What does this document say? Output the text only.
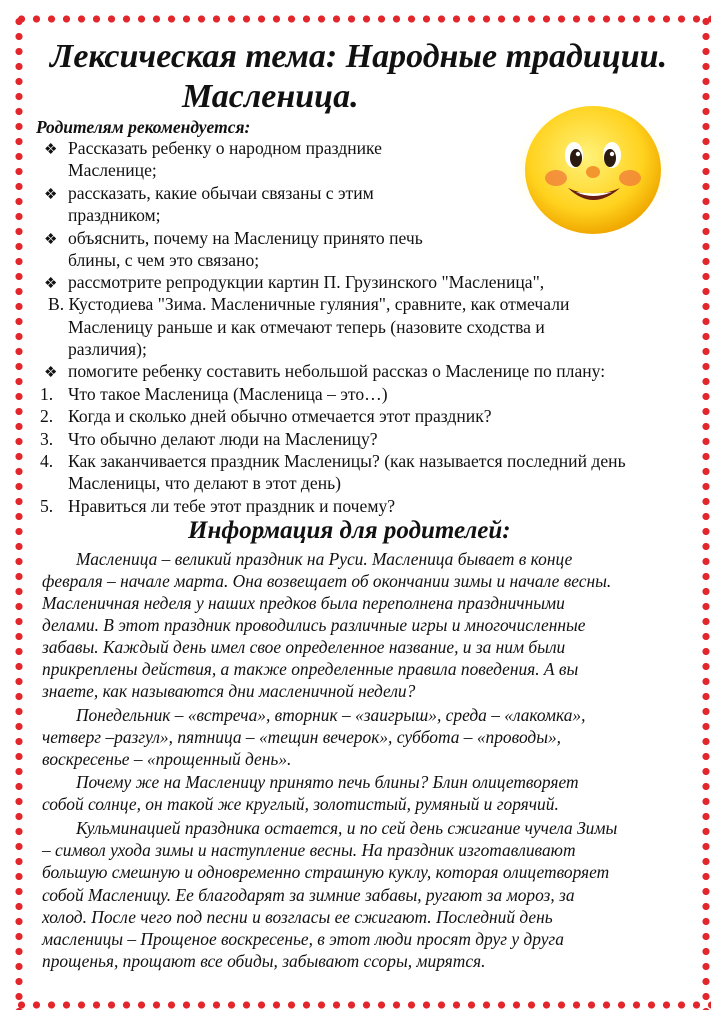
Лексическая тема: Народные традиции.
Масленица.
Родителям рекомендуется:
❖ Рассказать ребенку о народном празднике
Масленице;
❖ рассказать, какие обычаи связаны с этим
праздником;
❖ объяснить, почему на Масленицу принято печь
блины, с чем это связано;
❖ рассмотрите репродукции картин П. Грузинского "Масленица",
В. Кустодиева "Зима. Масленичные гуляния", сравните, как отмечали
Масленицу раньше и как отмечают теперь (назовите сходства и
различия);
❖ помогите ребенку составить небольшой рассказ о Масленице по плану:
1. Что такое Масленица (Масленица – это…)
2. Когда и сколько дней обычно отмечается этот праздник?
3. Что обычно делают люди на Масленицу?
4. Как заканчивается праздник Масленицы? (как называется последний день
Масленицы, что делают в этот день)
5. Нравиться ли тебе этот праздник и почему?
Информация для родителей:
Масленица – великий праздник на Руси. Масленица бывает в конце
февраля – начале марта. Она возвещает об окончании зимы и начале весны.
Масленичная неделя у наших предков была переполнена праздничными
делами. В этот праздник проводились различные игры и многочисленные
забавы. Каждый день имел свое определенное название, и за ним были
прикреплены действия, а также определенные правила поведения. А вы
знаете, как называются дни масленичной недели?
Понедельник – «встреча», вторник – «заигрыш», среда – «лакомка»,
четверг –разгул», пятница – «тещин вечерок», суббота – «проводы»,
воскресенье – «прощенный день».
Почему же на Масленицу принято печь блины? Блин олицетворяет
собой солнце, он такой же круглый, золотистый, румяный и горячий.
Кульминацией праздника остается, и по сей день сжигание чучела Зимы
– символ ухода зимы и наступление весны. На праздник изготавливают
большую смешную и одновременно страшную куклу, которая олицетворяет
собой Масленицу. Ее благодарят за зимние забавы, ругают за мороз, за
холод. После чего под песни и возгласы ее сжигают. Последний день
масленицы – Прощеное воскресенье, в этот люди просят друг у друга
прощенья, прощают все обиды, забывают ссоры, мирятся.
